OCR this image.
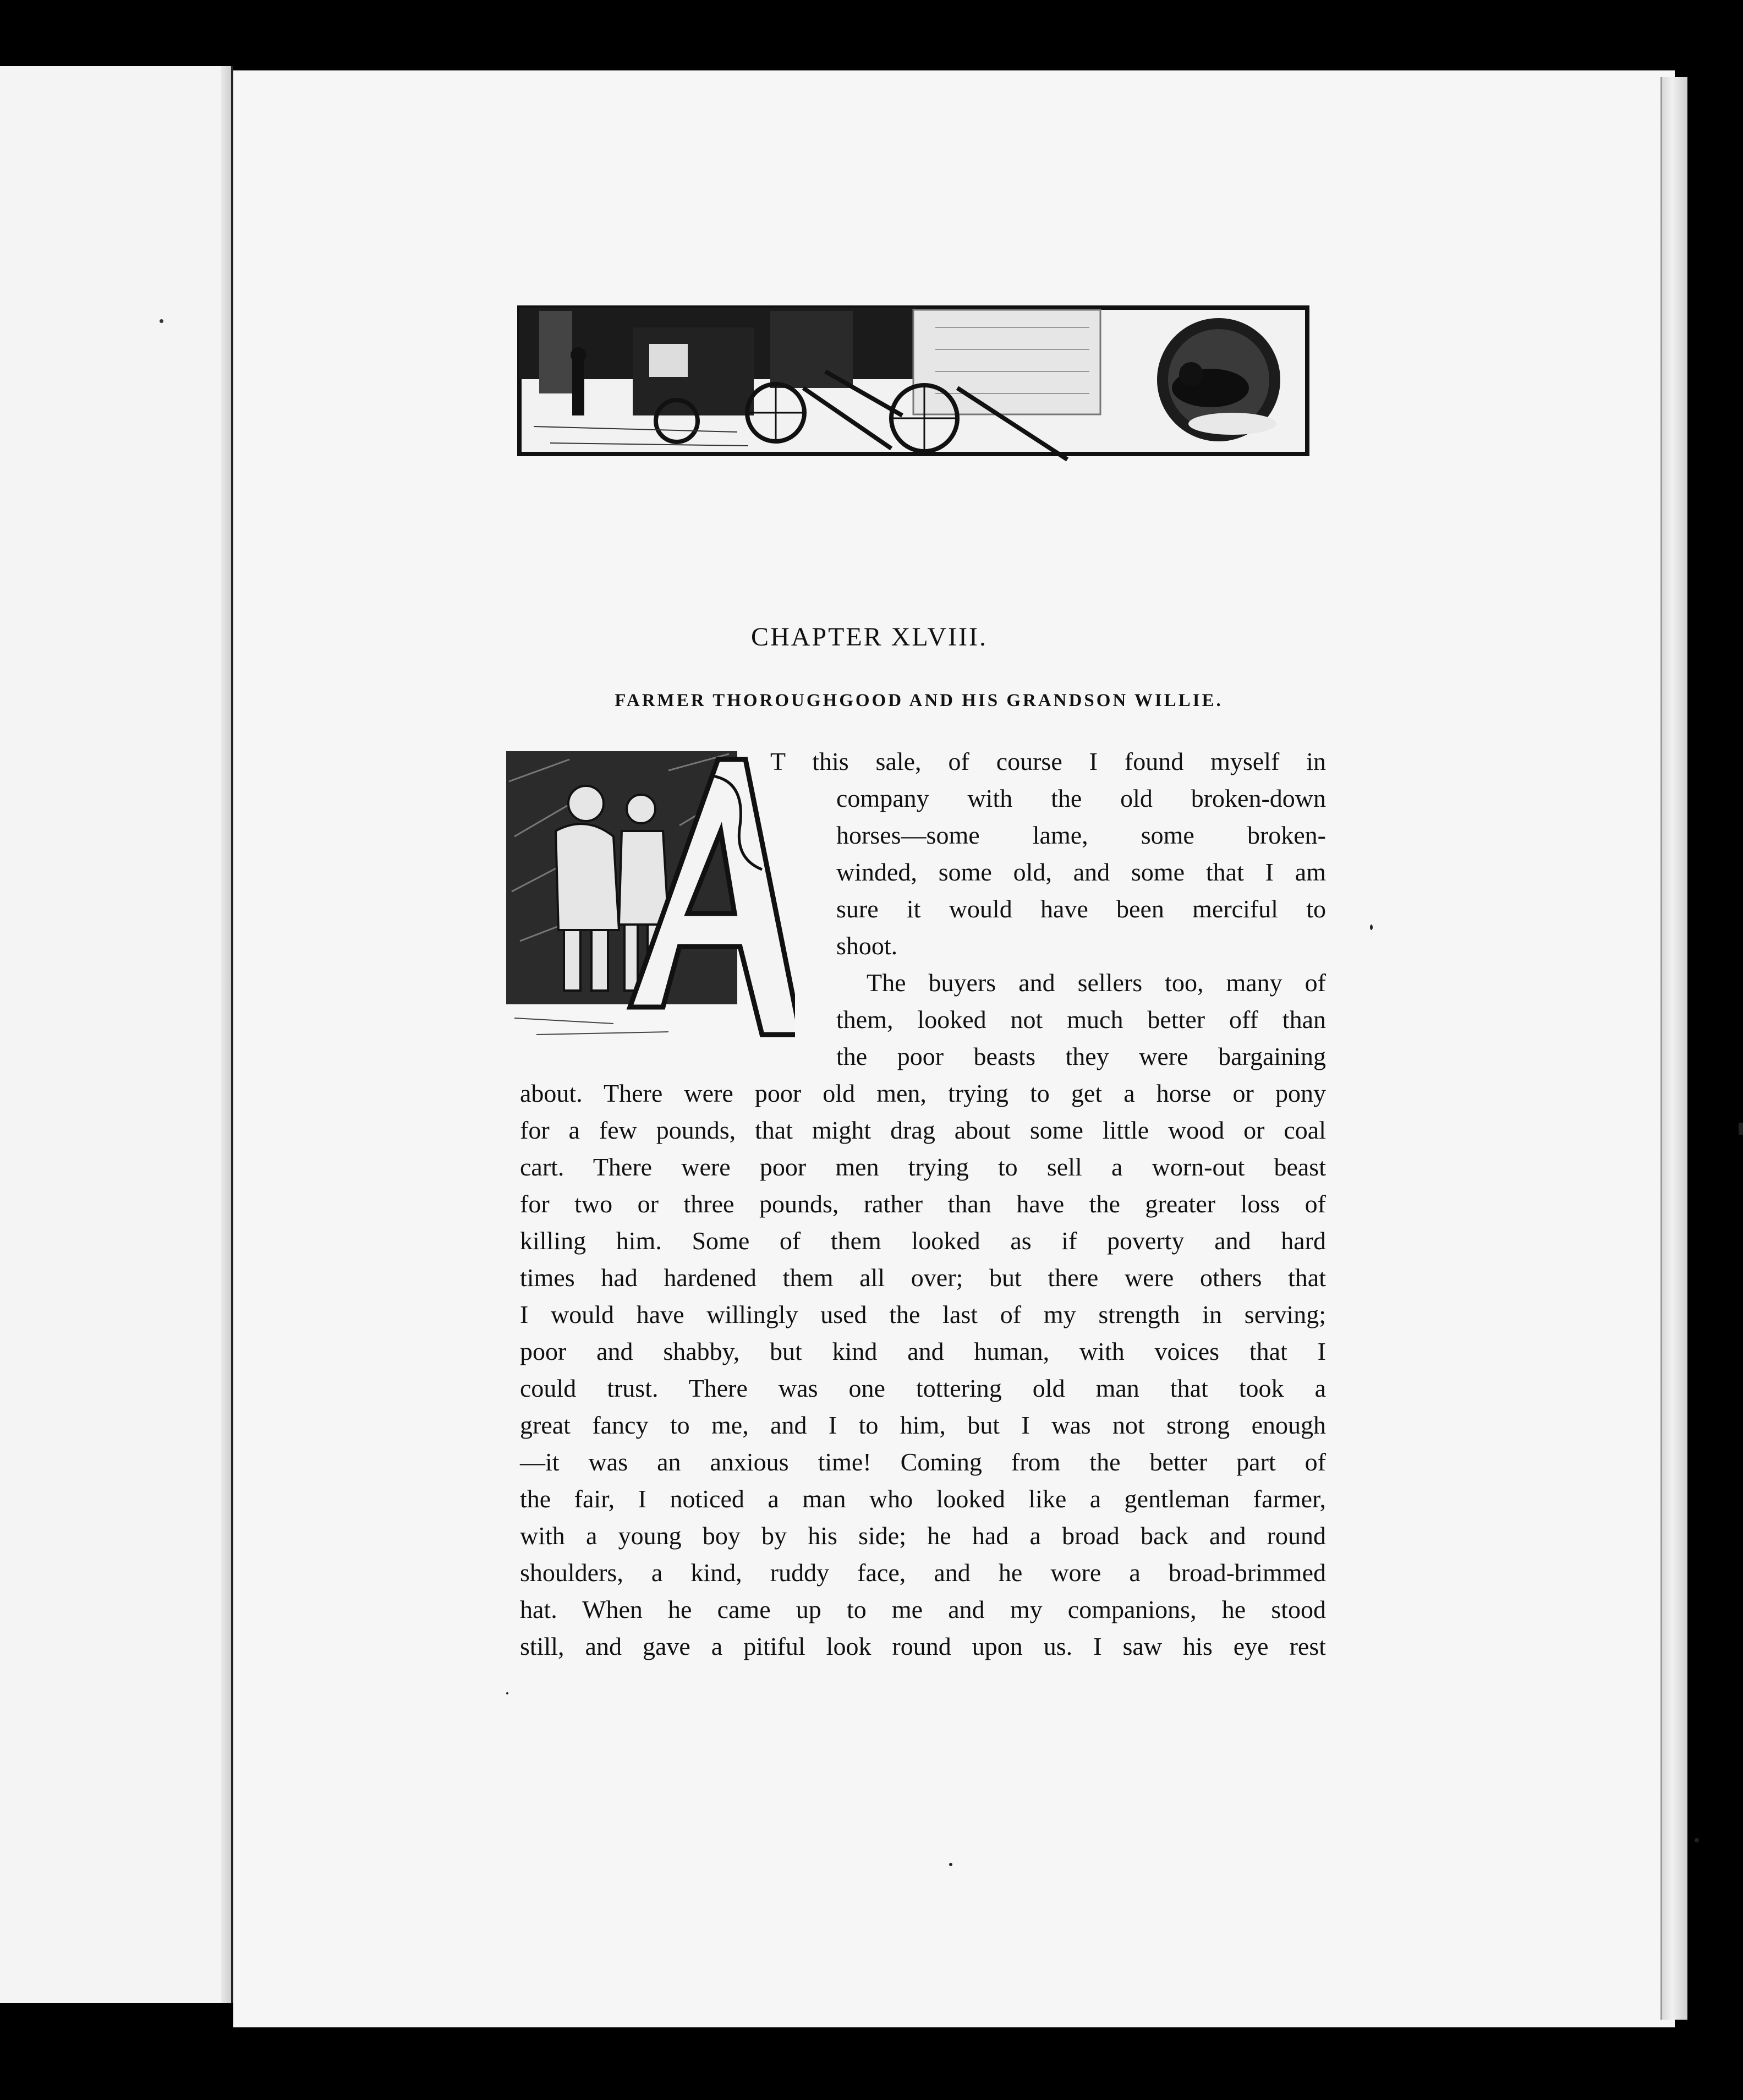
CHAPTER XLVIII.
FARMER THOROUGHGOOD AND HIS GRANDSON WILLIE.
T this sale, of course I found myself in
company with the old broken-down
horses—some lame, some broken-
winded, some old, and some that I am
sure it would have been merciful to
shoot.
The buyers and sellers too, many of
them, looked not much better off than
the poor beasts they were bargaining
about. There were poor old men, trying to get a horse or pony
for a few pounds, that might drag about some little wood or coal
cart. There were poor men trying to sell a worn-out beast
for two or three pounds, rather than have the greater loss of
killing him. Some of them looked as if poverty and hard
times had hardened them all over; but there were others that
I would have willingly used the last of my strength in serving;
poor and shabby, but kind and human, with voices that I
could trust. There was one tottering old man that took a
great fancy to me, and I to him, but I was not strong enough
—it was an anxious time! Coming from the better part of
the fair, I noticed a man who looked like a gentleman farmer,
with a young boy by his side; he had a broad back and round
shoulders, a kind, ruddy face, and he wore a broad-brimmed
hat. When he came up to me and my companions, he stood
still, and gave a pitiful look round upon us. I saw his eye rest
